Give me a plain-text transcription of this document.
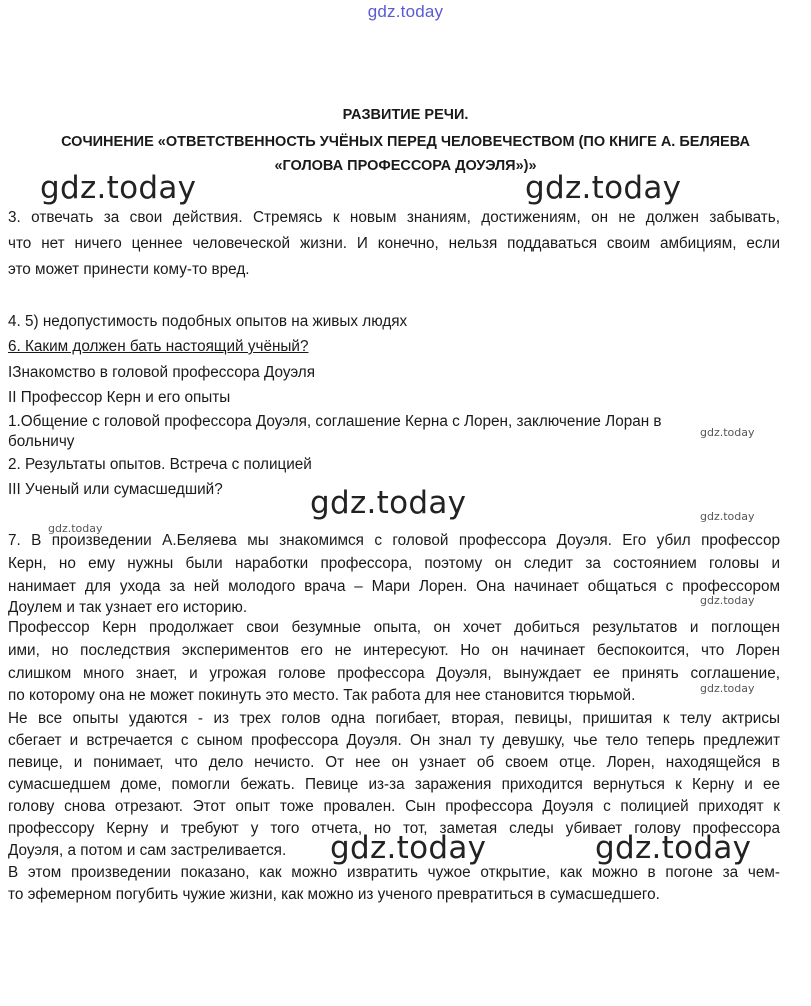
gdz.today
РАЗВИТИЕ РЕЧИ.
СОЧИНЕНИЕ «ОТВЕТСТВЕННОСТЬ УЧЁНЫХ ПЕРЕД ЧЕЛОВЕЧЕСТВОМ (ПО КНИГЕ А. БЕЛЯЕВА
«ГОЛОВА ПРОФЕССОРА ДОУЭЛЯ»)»
3. отвечать за свои действия. Стремясь к новым знаниям, достижениям, он не должен забывать,
что нет ничего ценнее человеческой жизни. И конечно, нельзя поддаваться своим амбициям, если
это может принести кому-то вред.
4. 5) недопустимость подобных опытов на живых людях
6. Каким должен бать настоящий учёный?
IЗнакомство в головой профессора Доуэля
II Профессор Керн и его опыты
1.Общение с головой профессора Доуэля, соглашение Керна с Лорен, заключение Лоран в
больничу
2. Результаты опытов. Встреча с полицией
III Ученый или сумасшедший?
7. В произведении А.Беляева мы знакомимся с головой профессора Доуэля. Его убил профессор
Керн, но ему нужны были наработки профессора, поэтому он следит за состоянием головы и
нанимает для ухода за ней молодого врача – Мари Лорен. Она начинает общаться с профессором
Доулем и так узнает его историю.
Профессор Керн продолжает свои безумные опыта, он хочет добиться результатов и поглощен
ими, но последствия экспериментов его не интересуют. Но он начинает беспокоится, что Лорен
слишком много знает, и угрожая голове профессора Доуэля, вынуждает ее принять соглашение,
по которому она не может покинуть это место. Так работа для нее становится тюрьмой.
Не все опыты удаются - из трех голов одна погибает, вторая, певицы, пришитая к телу актрисы
сбегает и встречается с сыном профессора Доуэля. Он знал ту девушку, чье тело теперь предлежит
певице, и понимает, что дело нечисто. От нее он узнает об своем отце. Лорен, находящейся в
сумасшедшем доме, помогли бежать. Певице из-за заражения приходится вернуться к Керну и ее
голову снова отрезают. Этот опыт тоже провален. Сын профессора Доуэля с полицией приходят к
профессору Керну и требуют у того отчета, но тот, заметая следы убивает голову профессора
Доуэля, а потом и сам застреливается.
В этом произведении показано, как можно извратить чужое открытие, как можно в погоне за чем-
то эфемерном погубить чужие жизни, как можно из ученого превратиться в сумасшедшего.
gdz.today	gdz.today
gdz.today
gdz.today	gdz.today
gdz.today
gdz.today
gdz.today
gdz.today
gdz.today
